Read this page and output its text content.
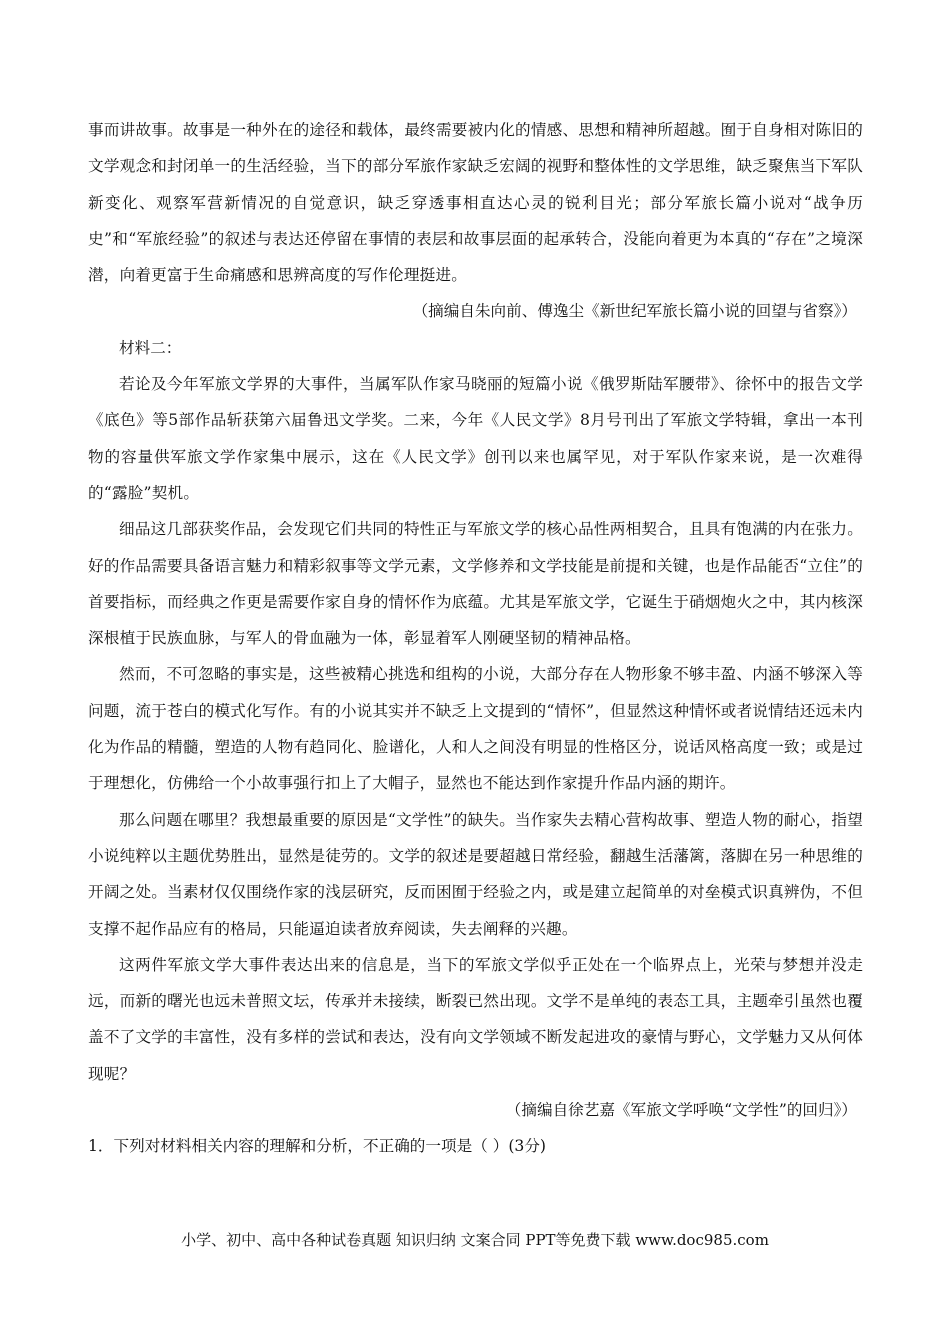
事而讲故事。故事是一种外在的途径和载体，最终需要被内化的情感、思想和精神所超越。囿于自身相对陈旧的文学观念和封闭单一的生活经验，当下的部分军旅作家缺乏宏阔的视野和整体性的文学思维，缺乏聚焦当下军队新变化、观察军营新情况的自觉意识，缺乏穿透事相直达心灵的锐利目光；部分军旅长篇小说对“战争历史”和“军旅经验”的叙述与表达还停留在事情的表层和故事层面的起承转合，没能向着更为本真的“存在”之境深潜，向着更富于生命痛感和思辨高度的写作伦理挺进。

（摘编自朱向前、傅逸尘《新世纪军旅长篇小说的回望与省察》）

材料二：

若论及今年军旅文学界的大事件，当属军队作家马晓丽的短篇小说《俄罗斯陆军腰带》、徐怀中的报告文学《底色》等5部作品斩获第六届鲁迅文学奖。二来，今年《人民文学》8月号刊出了军旅文学特辑，拿出一本刊物的容量供军旅文学作家集中展示，这在《人民文学》创刊以来也属罕见，对于军队作家来说，是一次难得的“露脸”契机。

细品这几部获奖作品，会发现它们共同的特性正与军旅文学的核心品性两相契合，且具有饱满的内在张力。好的作品需要具备语言魅力和精彩叙事等文学元素，文学修养和文学技能是前提和关键，也是作品能否“立住”的首要指标，而经典之作更是需要作家自身的情怀作为底蕴。尤其是军旅文学，它诞生于硝烟炮火之中，其内核深深根植于民族血脉，与军人的骨血融为一体，彰显着军人刚硬坚韧的精神品格。

然而，不可忽略的事实是，这些被精心挑选和组构的小说，大部分存在人物形象不够丰盈、内涵不够深入等问题，流于苍白的模式化写作。有的小说其实并不缺乏上文提到的“情怀”，但显然这种情怀或者说情结还远未内化为作品的精髓，塑造的人物有趋同化、脸谱化，人和人之间没有明显的性格区分，说话风格高度一致；或是过于理想化，仿佛给一个小故事强行扣上了大帽子，显然也不能达到作家提升作品内涵的期许。

那么问题在哪里？我想最重要的原因是“文学性”的缺失。当作家失去精心营构故事、塑造人物的耐心，指望小说纯粹以主题优势胜出，显然是徒劳的。文学的叙述是要超越日常经验，翻越生活藩篱，落脚在另一种思维的开阔之处。当素材仅仅围绕作家的浅层研究，反而困囿于经验之内，或是建立起简单的对垒模式识真辨伪，不但支撑不起作品应有的格局，只能逼迫读者放弃阅读，失去阐释的兴趣。

这两件军旅文学大事件表达出来的信息是，当下的军旅文学似乎正处在一个临界点上，光荣与梦想并没走远，而新的曙光也远未普照文坛，传承并未接续，断裂已然出现。文学不是单纯的表态工具，主题牵引虽然也覆盖不了文学的丰富性，没有多样的尝试和表达，没有向文学领域不断发起进攻的豪情与野心，文学魅力又从何体现呢？

（摘编自徐艺嘉《军旅文学呼唤“文学性”的回归》）

1．下列对材料相关内容的理解和分析，不正确的一项是（ ）(3分)

小学、初中、高中各种试卷真题 知识归纳 文案合同 PPT等免费下载 www.doc985.com
